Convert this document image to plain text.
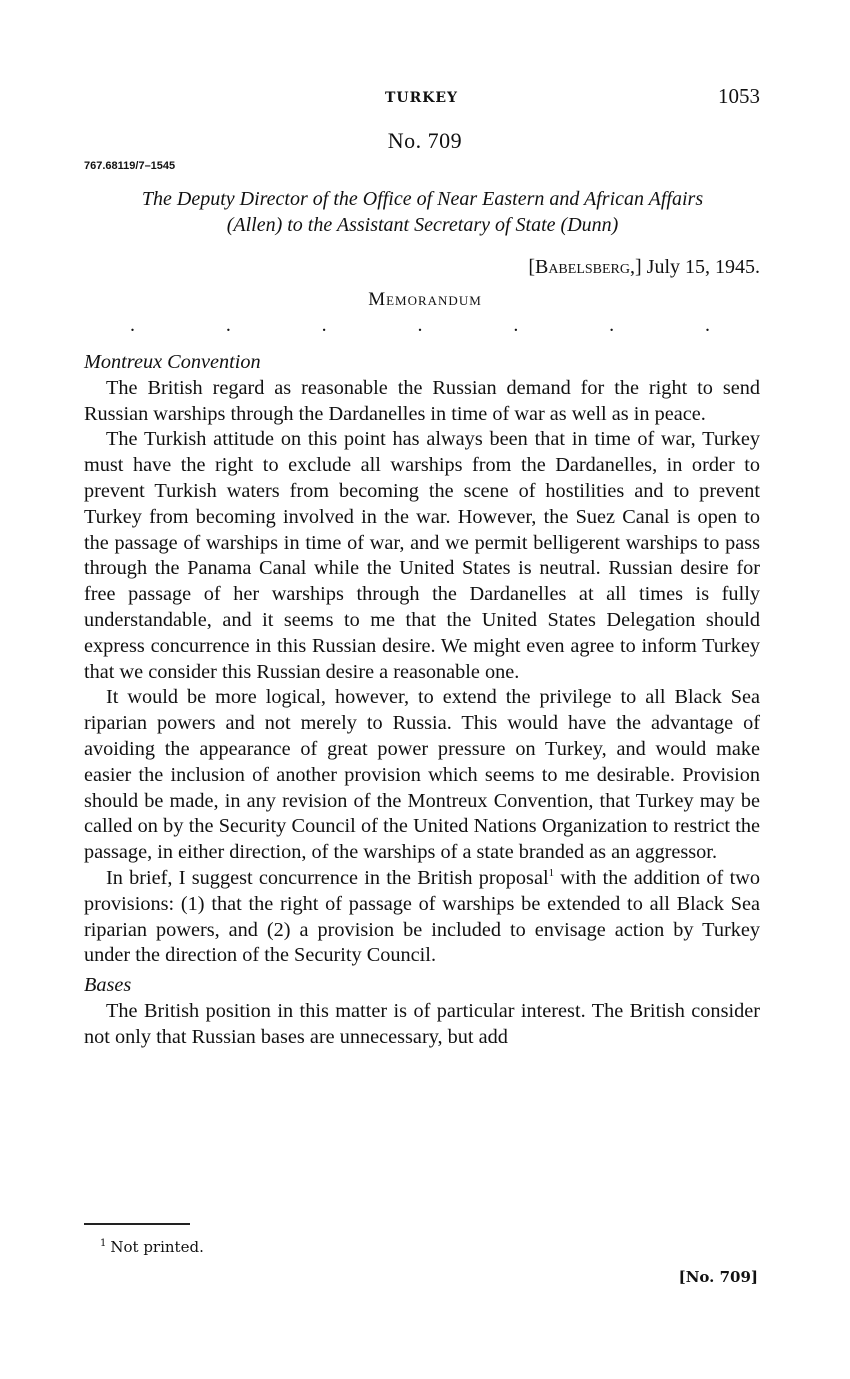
TURKEY	1053
No. 709
767.68119/7–1545
The Deputy Director of the Office of Near Eastern and African Affairs
(Allen) to the Assistant Secretary of State (Dunn)
[Babelsberg,] July 15, 1945.
Memorandum
.	.	.	.	.	.	.

Montreux Convention

The British regard as reasonable the Russian demand for the right to send Russian warships through the Dardanelles in time of war as well as in peace.

The Turkish attitude on this point has always been that in time of war, Turkey must have the right to exclude all warships from the Dardanelles, in order to prevent Turkish waters from becoming the scene of hostilities and to prevent Turkey from becoming involved in the war. However, the Suez Canal is open to the passage of warships in time of war, and we permit belligerent warships to pass through the Panama Canal while the United States is neutral. Russian desire for free passage of her warships through the Dardanelles at all times is fully understandable, and it seems to me that the United States Delegation should express concurrence in this Russian desire. We might even agree to inform Turkey that we consider this Russian desire a reasonable one.

It would be more logical, however, to extend the privilege to all Black Sea riparian powers and not merely to Russia. This would have the advantage of avoiding the appearance of great power pressure on Turkey, and would make easier the inclusion of another provision which seems to me desirable. Provision should be made, in any revision of the Montreux Convention, that Turkey may be called on by the Security Council of the United Nations Organization to restrict the passage, in either direction, of the warships of a state branded as an aggressor.

In brief, I suggest concurrence in the British proposal$^1$ with the addition of two provisions: (1) that the right of passage of warships be extended to all Black Sea riparian powers, and (2) a provision be included to envisage action by Turkey under the direction of the Security Council.

Bases

The British position in this matter is of particular interest. The British consider not only that Russian bases are unnecessary, but add

$^1$ Not printed.
[No. 709]
